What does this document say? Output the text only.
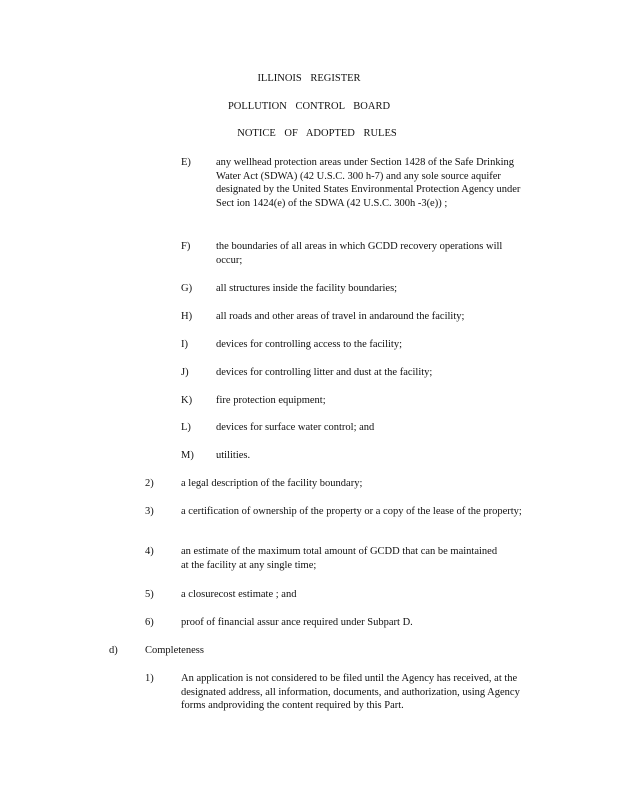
ILLINOIS REGISTER
POLLUTION CONTROL BOARD
NOTICE OF ADOPTED RULES
E) any wellhead protection areas under Section 1428 of the Safe Drinking Water Act (SDWA) (42 U.S.C. 300 h-7) and any sole source aquifer designated by the United States Environmental Protection Agency under Sect ion 1424(e) of the SDWA (42 U.S.C. 300h -3(e)) ;
F) the boundaries of all areas in which GCDD recovery operations will occur;
G) all structures inside the facility boundaries;
H) all roads and other areas of travel in andaround the facility;
I)	devices for controlling access to the facility;
J)	devices for controlling litter and dust at the facility;
K) fire protection equipment;
L) devices for surface water control; and
M) utilities.
2)	a legal description of the facility boundary;
3)	a certification of ownership of the property or a copy of the lease of the property;
4)	an estimate of the maximum total amount of GCDD that can be maintained at the facility at any single time;
5)	a closurecost estimate ; and
6)	proof of financial assur ance required under Subpart D.
d)	Completeness
1)	An application is not considered to be filed until the Agency has received, at the designated address, all information, documents, and authorization, using Agency forms andproviding the content required by this Part.
